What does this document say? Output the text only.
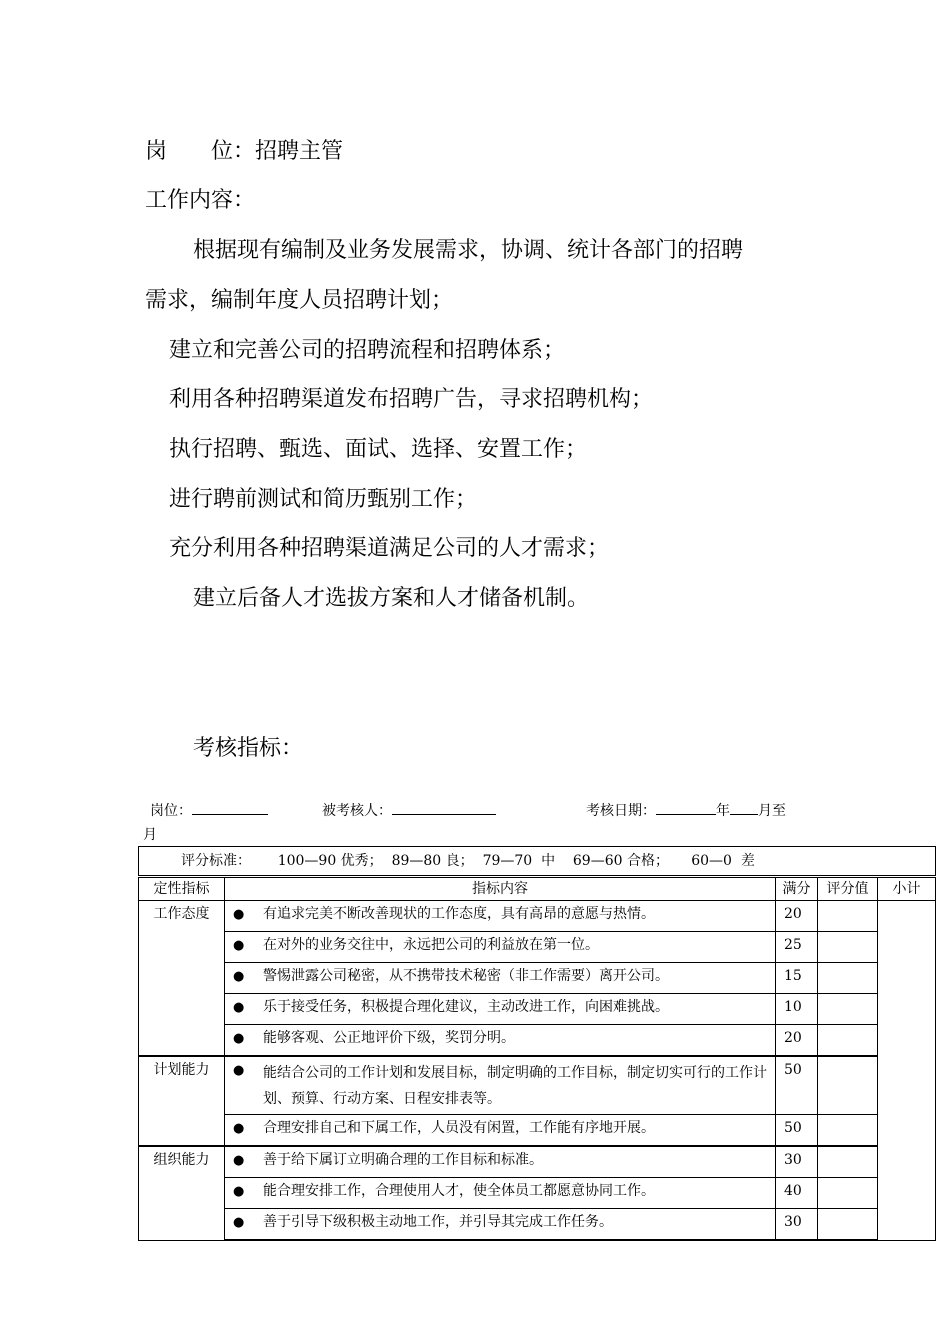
岗 位：招聘主管
工作内容：
根据现有编制及业务发展需求，协调、统计各部门的招聘
需求，编制年度人员招聘计划；
建立和完善公司的招聘流程和招聘体系；
利用各种招聘渠道发布招聘广告，寻求招聘机构；
执行招聘、甄选、面试、选择、安置工作；
进行聘前测试和简历甄别工作；
充分利用各种招聘渠道满足公司的人才需求；
建立后备人才选拔方案和人才储备机制。
考核指标：
岗位：	被考核人：	考核日期：	年 月至
月
评分标准：      100—90 优秀；  89—80 良；  79—70  中    69—60 合格；     60—0  差				
定性指标	指标内容	满分	评分值	小计
工作态度	● 有追求完美不断改善现状的工作态度，具有高昂的意愿与热情。	20		
	● 在对外的业务交往中，永远把公司的利益放在第一位。	25		
	● 警惕泄露公司秘密，从不携带技术秘密（非工作需要）离开公司。	15		
	● 乐于接受任务，积极提合理化建议，主动改进工作，向困难挑战。	10		
	● 能够客观、公正地评价下级，奖罚分明。	20		
计划能力	● 能结合公司的工作计划和发展目标，制定明确的工作目标，制定切实可行的工作计划、预算、行动方案、日程安排表等。	50		
	● 合理安排自己和下属工作，人员没有闲置，工作能有序地开展。	50		
组织能力	● 善于给下属订立明确合理的工作目标和标准。	30		
	● 能合理安排工作，合理使用人才，使全体员工都愿意协同工作。	40		
	● 善于引导下级积极主动地工作，并引导其完成工作任务。	30		
